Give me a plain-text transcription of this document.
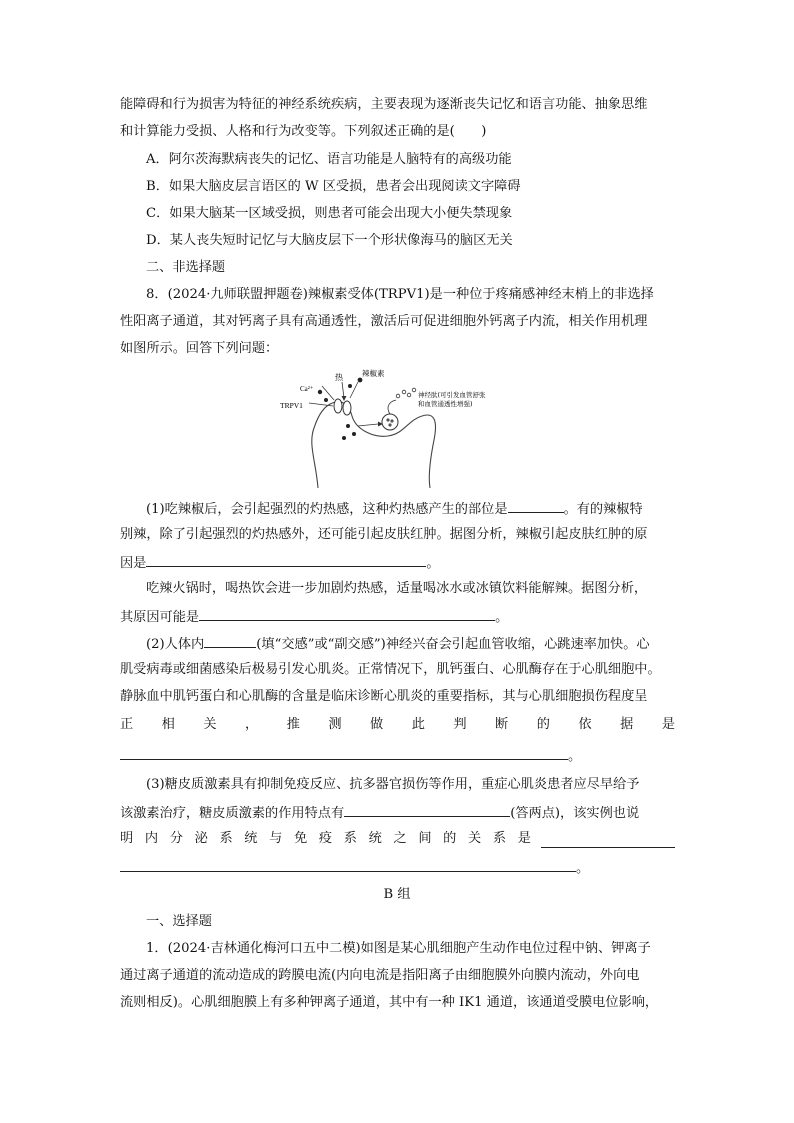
能障碍和行为损害为特征的神经系统疾病，主要表现为逐渐丧失记忆和语言功能、抽象思维
和计算能力受损、人格和行为改变等。下列叙述正确的是(　　)
A．阿尔茨海默病丧失的记忆、语言功能是人脑特有的高级功能
B．如果大脑皮层言语区的 W 区受损，患者会出现阅读文字障碍
C．如果大脑某一区域受损，则患者可能会出现大小便失禁现象
D．某人丧失短时记忆与大脑皮层下一个形状像海马的脑区无关
二、非选择题
8．(2024·九师联盟押题卷)辣椒素受体(TRPV1)是一种位于疼痛感神经末梢上的非选择
性阳离子通道，其对钙离子具有高通透性，激活后可促进细胞外钙离子内流，相关作用机理
如图所示。回答下列问题：
Ca²⁺
热	辣椒素
TRPV1
神经肽(可引发血管舒张
和血管通透性增强)
(1)吃辣椒后，会引起强烈的灼热感，这种灼热感产生的部位是	。有的辣椒特
别辣，除了引起强烈的灼热感外，还可能引起皮肤红肿。据图分析，辣椒引起皮肤红肿的原
因是	。
吃辣火锅时，喝热饮会进一步加剧灼热感，适量喝冰水或冰镇饮料能解辣。据图分析，
其原因可能是	。
(2)人体内	(填“交感”或“副交感”)神经兴奋会引起血管收缩，心跳速率加快。心
肌受病毒或细菌感染后极易引发心肌炎。正常情况下，肌钙蛋白、心肌酶存在于心肌细胞中。
静脉血中肌钙蛋白和心肌酶的含量是临床诊断心肌炎的重要指标，其与心肌细胞损伤程度呈
正 相 关 ， 推 测 做 此 判 断 的 依 据 是
。
(3)糖皮质激素具有抑制免疫反应、抗多器官损伤等作用，重症心肌炎患者应尽早给予
该激素治疗，糖皮质激素的作用特点有	(答两点)，该实例也说
明 内 分 泌 系 统 与 免 疫 系 统 之 间 的 关 系 是
。
B 组
一、选择题
1．(2024·吉林通化梅河口五中二模)如图是某心肌细胞产生动作电位过程中钠、钾离子
通过离子通道的流动造成的跨膜电流(内向电流是指阳离子由细胞膜外向膜内流动，外向电
流则相反)。心肌细胞膜上有多种钾离子通道，其中有一种 IK1 通道，该通道受膜电位影响，
